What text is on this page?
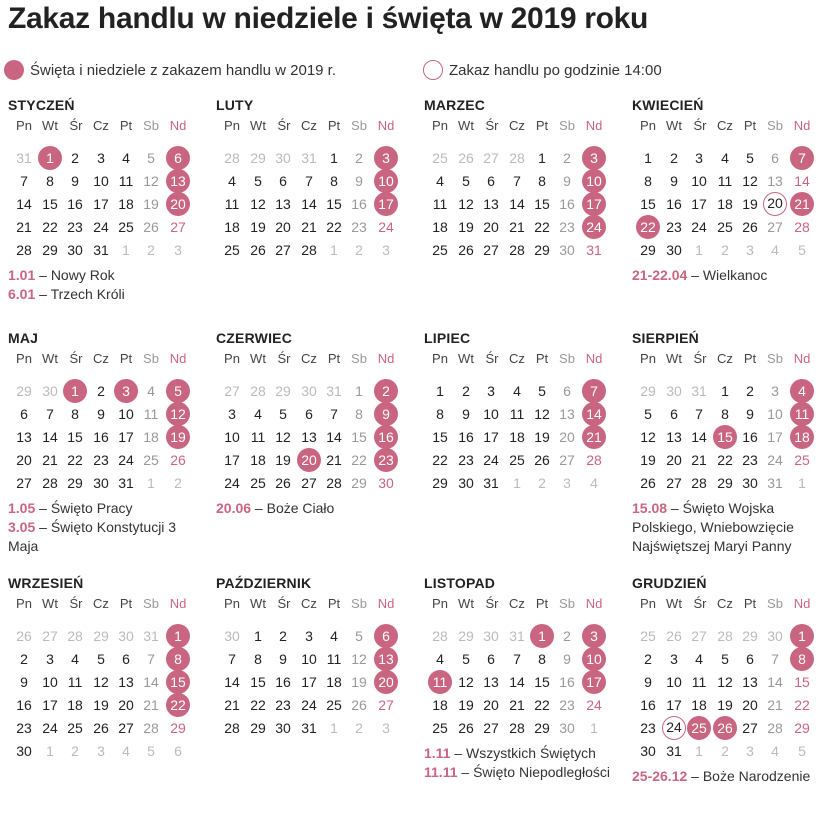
Zakaz handlu w niedziele i święta w 2019 roku
Święta i niedziele z zakazem handlu w 2019 r.	Zakaz handlu po godzinie 14:00
STYCZEŃ
Pn Wt Śr Cz Pt Sb Nd
31	1	2	3	4	5	6
7	8	9	10 11 12 13
14 15 16 17 18 19 20
21 22 23 24 25 26 27
28 29 30 31 1	2	3
1.01 – Nowy Rok
6.01 – Trzech Króli
LUTY
Pn Wt Śr Cz Pt Sb Nd
28 29 30 31 1	2	3
4	5	6	7	8	9	10
11 12 13 14 15 16 17
18 19 20 21 22 23 24
25 26 27 28 1	2	3
MARZEC
Pn Wt Śr Cz Pt Sb Nd
25 26 27 28 1	2	3
4	5	6	7	8	9	10
11 12 13 14 15 16 17
18 19 20 21 22 23 24
25 26 27 28 29 30 31
KWIECIEŃ
Pn Wt Śr Cz Pt Sb Nd
1	2	3	4	5	6	7
8	9 10 11 12 13 14
15 16 17 18 19 20 21
22 23 24 25 26 27 28
29 30 1	2	3	4	5
21-22.04 – Wielkanoc
MAJ
Pn Wt Śr Cz Pt Sb Nd
29 30 1	2	3	4	5
6	7	8	9 10 11 12
13 14 15 16 17 18 19
20 21 22 23 24 25 26
27 28 29 30 31 1	2
1.05 – Święto Pracy
3.05 – Święto Konstytucji 3 Maja
CZERWIEC
Pn Wt Śr Cz Pt Sb Nd
27 28 29 30 31 1	2
3	4	5	6	7	8	9
10 11 12 13 14 15 16
17 18 19 20 21 22 23
24 25 26 27 28 29 30
20.06 – Boże Ciało
LIPIEC
Pn Wt Śr Cz Pt Sb Nd
1	2	3	4	5	6	7
8	9 10 11 12 13 14
15 16 17 18 19 20 21
22 23 24 25 26 27 28
29 30 31	1	2	3	4
SIERPIEŃ
Pn Wt Śr Cz Pt Sb Nd
29 30 31	1	2	3	4
5	6	7	8	9 10 11
12 13 14 15 16 17 18
19 20 21 22 23 24 25
26 27 28 29 30 31	1
15.08 – Święto Wojska Polskiego, Wniebowzięcie Najświętszej Maryi Panny
WRZESIEŃ
Pn Wt Śr Cz Pt Sb Nd
26 27 28 29 30 31	1
2	3	4	5	6	7	8
9	10 11 12 13 14 15
16 17 18 19 20 21 22
23 24 25 26 27 28 29
30	1	2	3	4	5	6
PAŹDZIERNIK
Pn Wt Śr Cz Pt Sb Nd
30	1	2	3	4	5	6
7	8	9	10 11 12 13
14 15 16 17 18 19 20
21 22 23 24 25 26 27
28 29 30 31 1	2	3
LISTOPAD
Pn Wt Śr Cz Pt Sb Nd
28 29 30 31 1	2	3
4	5	6	7	8	9	10
11 12 13 14 15 16 17
18 19 20 21 22 23 24
25 26 27 28 29 30	1
1.11 – Wszystkich Świętych
11.11 – Święto Niepodległości
GRUDZIEŃ
Pn Wt Śr Cz Pt Sb Nd
25 26 27 28 29 30	1
2	3	4	5	6	7	8
9	10 11 12 13 14 15
16 17 18 19 20 21 22
23 24 25 26 27 28 29
30 31 1	2	3	4	5
25-26.12 – Boże Narodzenie
